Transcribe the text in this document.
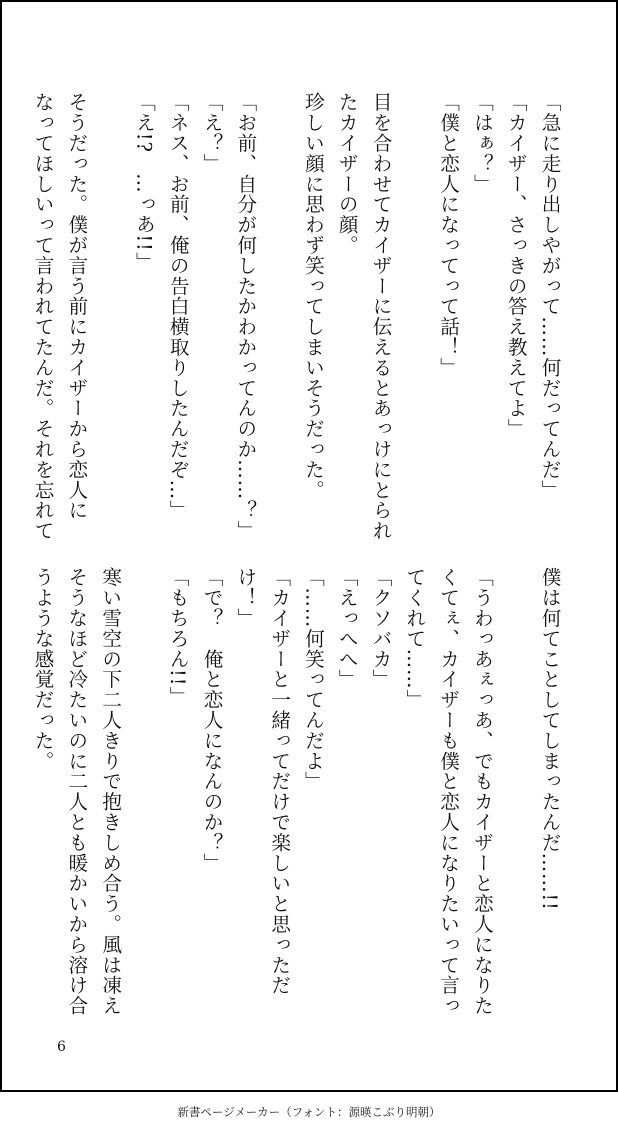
「急に走り出しやがって……何だってんだ」
「カイザー、さっきの答え教えてよ」
「はぁ？」
「僕と恋人になってって話！」

目を合わせてカイザーに伝えるとあっけにとられ
たカイザーの顔。
珍しい顔に思わず笑ってしまいそうだった。

「お前、自分が何したかわかってんのか……？」
「え？」
「ネス、お前、俺の告白横取りしたんだぞ…」
「え!?　…っあ!!」

そうだった。僕が言う前にカイザーから恋人に
なってほしいって言われてたんだ。それを忘れて
僕は何てことしてしまったんだ……!!

「うわっあぇっあ、でもカイザーと恋人になりた
くてぇ、カイザーも僕と恋人になりたいって言っ
てくれて……」
「クソバカ」
「えっへへ」
「……何笑ってんだよ」
「カイザーと一緒ってだけで楽しいと思っただ
け！」
「で？　俺と恋人になんのか？」
「もちろん!!」

寒い雪空の下二人きりで抱きしめ合う。風は凍え
そうなほど冷たいのに二人とも暖かいから溶け合
うような感覚だった。
6
新書ページメーカー（フォント：源暎こぶり明朝）
